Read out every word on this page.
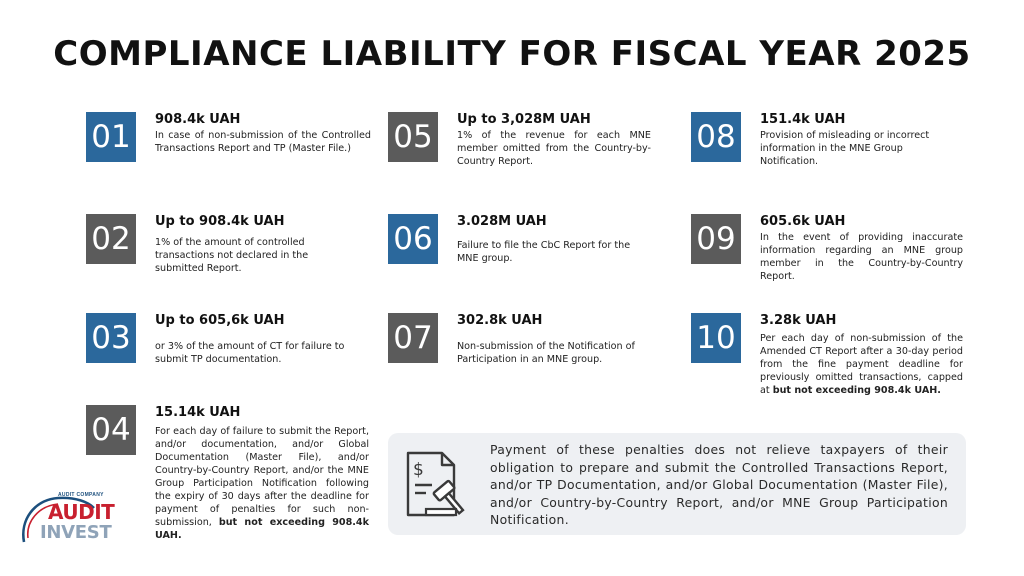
COMPLIANCE LIABILITY FOR FISCAL YEAR 2025
01	908.4k UAH
In case of non-submission of the Controlled Transactions Report and TP (Master File.)
02	Up to 908.4k UAH
1% of the amount of controlled transactions not declared in the submitted Report.
03	Up to 605,6k UAH
or 3% of the amount of CT for failure to submit TP documentation.
04	15.14k UAH
For each day of failure to submit the Report, and/or documentation, and/or Global Documentation (Master File), and/or Country-by-Country Report, and/or the MNE Group Participation Notification following the expiry of 30 days after the deadline for payment of penalties for such non-submission, but not exceeding 908.4k UAH.
05	Up to 3,028M UAH
1% of the revenue for each MNE member omitted from the Country-by-Country Report.
06	3.028M UAH
Failure to file the CbC Report for the MNE group.
07	302.8k UAH
Non-submission of the Notification of Participation in an MNE group.
08	151.4k UAH
Provision of misleading or incorrect information in the MNE Group Notification.
09	605.6k UAH
In the event of providing inaccurate information regarding an MNE group member in the Country-by-Country Report.
10	3.28k UAH
Per each day of non-submission of the Amended CT Report after a 30-day period from the fine payment deadline for previously omitted transactions, capped at but not exceeding 908.4k UAH.
$
Payment of these penalties does not relieve taxpayers of their obligation to prepare and submit the Controlled Transactions Report, and/or TP Documentation, and/or Global Documentation (Master File), and/or Country-by-Country Report, and/or MNE Group Participation Notification.
AUDIT COMPANY
AUDIT
INVEST
